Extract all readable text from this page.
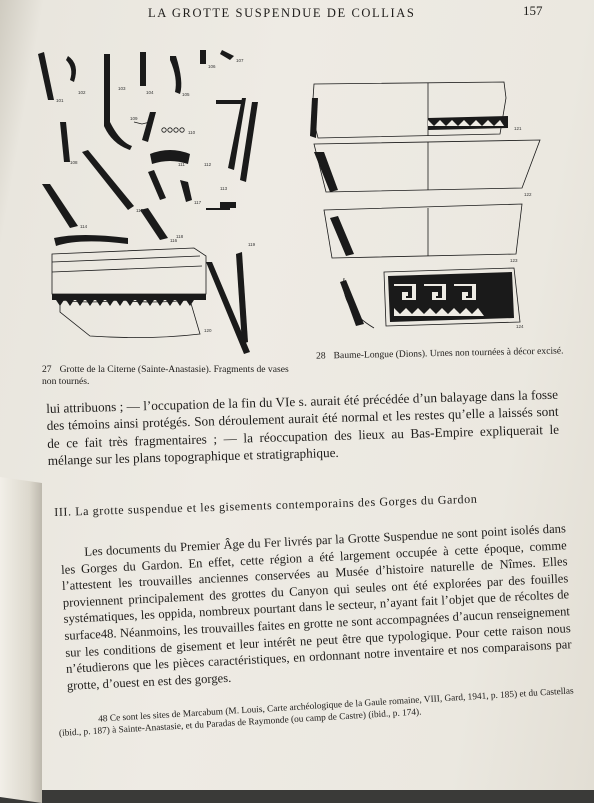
LA GROTTE SUSPENDUE DE COLLIAS	157
101
102
103
104	105
106
107
108
109
110
111	112
113
114
115
116
117
118
119
120
121
122
123
124
27 Grotte de la Citerne (Sainte-Anastasie). Fragments de vases non tournés.
28 Baume-Longue (Dions). Urnes non tournées à décor excisé.
lui attribuons ; — l’occupation de la fin du VIe s. aurait été précédée d’un balayage dans la fosse des témoins ainsi protégés. Son déroulement aurait été normal et les restes qu’elle a laissés sont de ce fait très fragmentaires ; — la réoccupation des lieux au Bas-Empire expliquerait le mélange sur les plans topographique et stratigraphique.
III. La grotte suspendue et les gisements contemporains des Gorges du Gardon
Les documents du Premier Âge du Fer livrés par la Grotte Suspendue ne sont point isolés dans les Gorges du Gardon. En effet, cette région a été largement occupée à cette époque, comme l’attestent les trouvailles anciennes conservées au Musée d’histoire naturelle de Nîmes. Elles proviennent principalement des grottes du Canyon qui seules ont été explorées par des fouilles systématiques, les oppida, nombreux pourtant dans le secteur, n’ayant fait l’objet que de récoltes de surface48. Néanmoins, les trouvailles faites en grotte ne sont accompagnées d’aucun renseignement sur les conditions de gisement et leur intérêt ne peut être que typologique. Pour cette raison nous n’étudierons que les pièces caractéristiques, en ordonnant notre inventaire et nos comparaisons par grotte, d’ouest en est des gorges.
48 Ce sont les sites de Marcabum (M. Louis, Carte archéologique de la Gaule romaine, VIII, Gard, 1941, p. 185) et du Castellas (ibid., p. 187) à Sainte-Anastasie, et du Paradas de Raymonde (ou camp de Castre) (ibid., p. 174).
